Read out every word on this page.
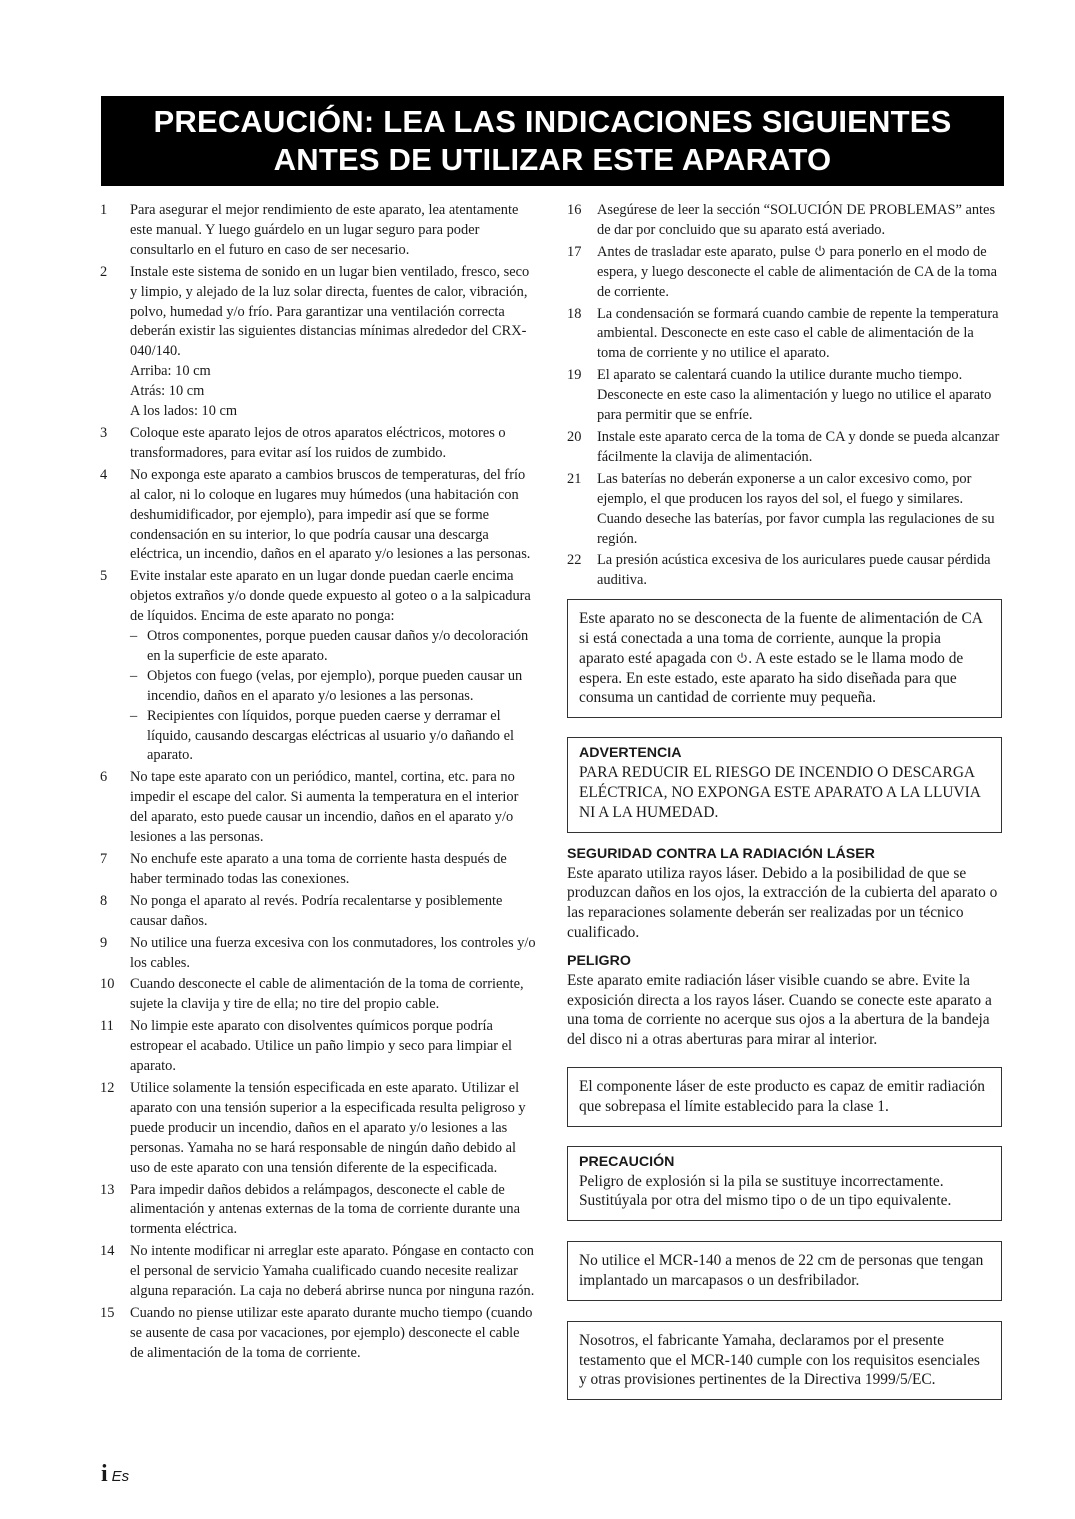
PRECAUCIÓN: LEA LAS INDICACIONES SIGUIENTES ANTES DE UTILIZAR ESTE APARATO
1	Para asegurar el mejor rendimiento de este aparato, lea atentamente este manual. Y luego guárdelo en un lugar seguro para poder consultarlo en el futuro en caso de ser necesario.
2	Instale este sistema de sonido en un lugar bien ventilado, fresco, seco y limpio, y alejado de la luz solar directa, fuentes de calor, vibración, polvo, humedad y/o frío. Para garantizar una ventilación correcta deberán existir las siguientes distancias mínimas alrededor del CRX-040/140.
Arriba: 10 cm
Atrás: 10 cm
A los lados: 10 cm
3	Coloque este aparato lejos de otros aparatos eléctricos, motores o transformadores, para evitar así los ruidos de zumbido.
4	No exponga este aparato a cambios bruscos de temperaturas, del frío al calor, ni lo coloque en lugares muy húmedos (una habitación con deshumidificador, por ejemplo), para impedir así que se forme condensación en su interior, lo que podría causar una descarga eléctrica, un incendio, daños en el aparato y/o lesiones a las personas.
5	Evite instalar este aparato en un lugar donde puedan caerle encima objetos extraños y/o donde quede expuesto al goteo o a la salpicadura de líquidos. Encima de este aparato no ponga:
– Otros componentes, porque pueden causar daños y/o decoloración en la superficie de este aparato.
– Objetos con fuego (velas, por ejemplo), porque pueden causar un incendio, daños en el aparato y/o lesiones a las personas.
– Recipientes con líquidos, porque pueden caerse y derramar el líquido, causando descargas eléctricas al usuario y/o dañando el aparato.
6	No tape este aparato con un periódico, mantel, cortina, etc. para no impedir el escape del calor. Si aumenta la temperatura en el interior del aparato, esto puede causar un incendio, daños en el aparato y/o lesiones a las personas.
7	No enchufe este aparato a una toma de corriente hasta después de haber terminado todas las conexiones.
8	No ponga el aparato al revés. Podría recalentarse y posiblemente causar daños.
9	No utilice una fuerza excesiva con los conmutadores, los controles y/o los cables.
10	Cuando desconecte el cable de alimentación de la toma de corriente, sujete la clavija y tire de ella; no tire del propio cable.
11	No limpie este aparato con disolventes químicos porque podría estropear el acabado. Utilice un paño limpio y seco para limpiar el aparato.
12	Utilice solamente la tensión especificada en este aparato. Utilizar el aparato con una tensión superior a la especificada resulta peligroso y puede producir un incendio, daños en el aparato y/o lesiones a las personas. Yamaha no se hará responsable de ningún daño debido al uso de este aparato con una tensión diferente de la especificada.
13	Para impedir daños debidos a relámpagos, desconecte el cable de alimentación y antenas externas de la toma de corriente durante una tormenta eléctrica.
14	No intente modificar ni arreglar este aparato. Póngase en contacto con el personal de servicio Yamaha cualificado cuando necesite realizar alguna reparación. La caja no deberá abrirse nunca por ninguna razón.
15	Cuando no piense utilizar este aparato durante mucho tiempo (cuando se ausente de casa por vacaciones, por ejemplo) desconecte el cable de alimentación de la toma de corriente.
16	Asegúrese de leer la sección “SOLUCIÓN DE PROBLEMAS” antes de dar por concluido que su aparato está averiado.
17	Antes de trasladar este aparato, pulse  para ponerlo en el modo de espera, y luego desconecte el cable de alimentación de CA de la toma de corriente.
18	La condensación se formará cuando cambie de repente la temperatura ambiental. Desconecte en este caso el cable de alimentación de la toma de corriente y no utilice el aparato.
19	El aparato se calentará cuando la utilice durante mucho tiempo. Desconecte en este caso la alimentación y luego no utilice el aparato para permitir que se enfríe.
20	Instale este aparato cerca de la toma de CA y donde se pueda alcanzar fácilmente la clavija de alimentación.
21	Las baterías no deberán exponerse a un calor excesivo como, por ejemplo, el que producen los rayos del sol, el fuego y similares. Cuando deseche las baterías, por favor cumpla las regulaciones de su región.
22	La presión acústica excesiva de los auriculares puede causar pérdida auditiva.
Este aparato no se desconecta de la fuente de alimentación de CA si está conectada a una toma de corriente, aunque la propia aparato esté apagada con . A este estado se le llama modo de espera. En este estado, este aparato ha sido diseñada para que consuma un cantidad de corriente muy pequeña.
ADVERTENCIA
PARA REDUCIR EL RIESGO DE INCENDIO O DESCARGA ELÉCTRICA, NO EXPONGA ESTE APARATO A LA LLUVIA NI A LA HUMEDAD.
SEGURIDAD CONTRA LA RADIACIÓN LÁSER
Este aparato utiliza rayos láser. Debido a la posibilidad de que se produzcan daños en los ojos, la extracción de la cubierta del aparato o las reparaciones solamente deberán ser realizadas por un técnico cualificado.
PELIGRO
Este aparato emite radiación láser visible cuando se abre. Evite la exposición directa a los rayos láser. Cuando se conecte este aparato a una toma de corriente no acerque sus ojos a la abertura de la bandeja del disco ni a otras aberturas para mirar al interior.
El componente láser de este producto es capaz de emitir radiación que sobrepasa el límite establecido para la clase 1.
PRECAUCIÓN
Peligro de explosión si la pila se sustituye incorrectamente. Sustitúyala por otra del mismo tipo o de un tipo equivalente.
No utilice el MCR-140 a menos de 22 cm de personas que tengan implantado un marcapasos o un desfribilador.
Nosotros, el fabricante Yamaha, declaramos por el presente testamento que el MCR-140 cumple con los requisitos esenciales y otras provisiones pertinentes de la Directiva 1999/5/EC.
i Es
